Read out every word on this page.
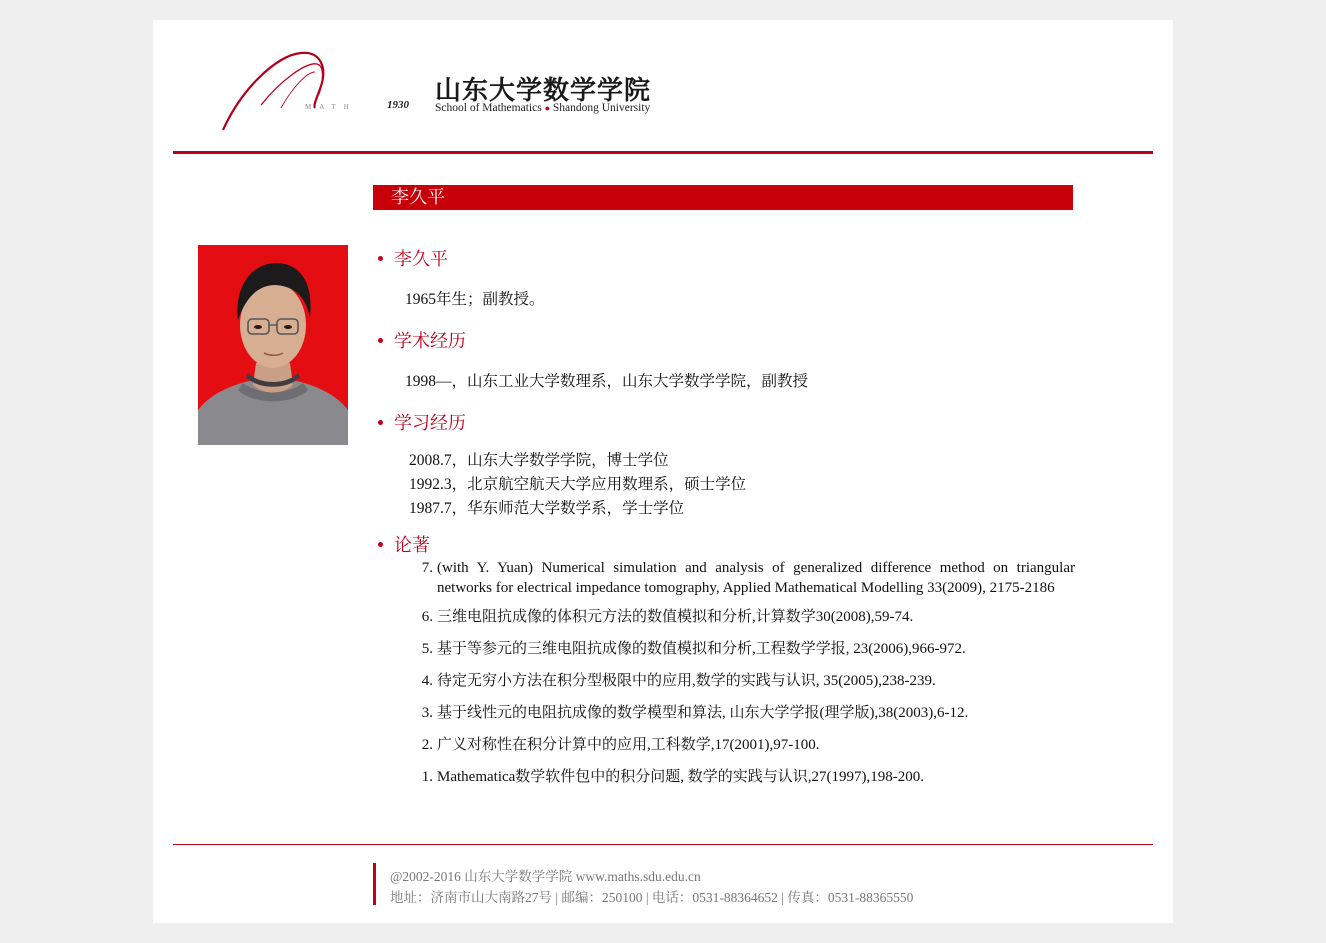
MATH	1930 山东大学数学学院
School of Mathematics ● Shandong University
李久平
李久平
1965年生；副教授。
学术经历
1998—，山东工业大学数理系，山东大学数学学院，副教授
学习经历
2008.7，山东大学数学学院，博士学位
1992.3，北京航空航天大学应用数理系，硕士学位
1987.7，华东师范大学数学系，学士学位
论著
7. (with Y. Yuan) Numerical simulation and analysis of generalized difference method on triangular networks for electrical impedance tomography, Applied Mathematical Modelling 33(2009), 2175-2186
6. 三维电阻抗成像的体积元方法的数值模拟和分析,计算数学30(2008),59-74.
5. 基于等参元的三维电阻抗成像的数值模拟和分析,工程数学学报, 23(2006),966-972.
4. 待定无穷小方法在积分型极限中的应用,数学的实践与认识, 35(2005),238-239.
3. 基于线性元的电阻抗成像的数学模型和算法, 山东大学学报(理学版),38(2003),6-12.
2. 广义对称性在积分计算中的应用,工科数学,17(2001),97-100.
1. Mathematica数学软件包中的积分问题, 数学的实践与认识,27(1997),198-200.
@2002-2016 山东大学数学学院 www.maths.sdu.edu.cn
地址：济南市山大南路27号 | 邮编：250100 | 电话：0531-88364652 | 传真：0531-88365550
